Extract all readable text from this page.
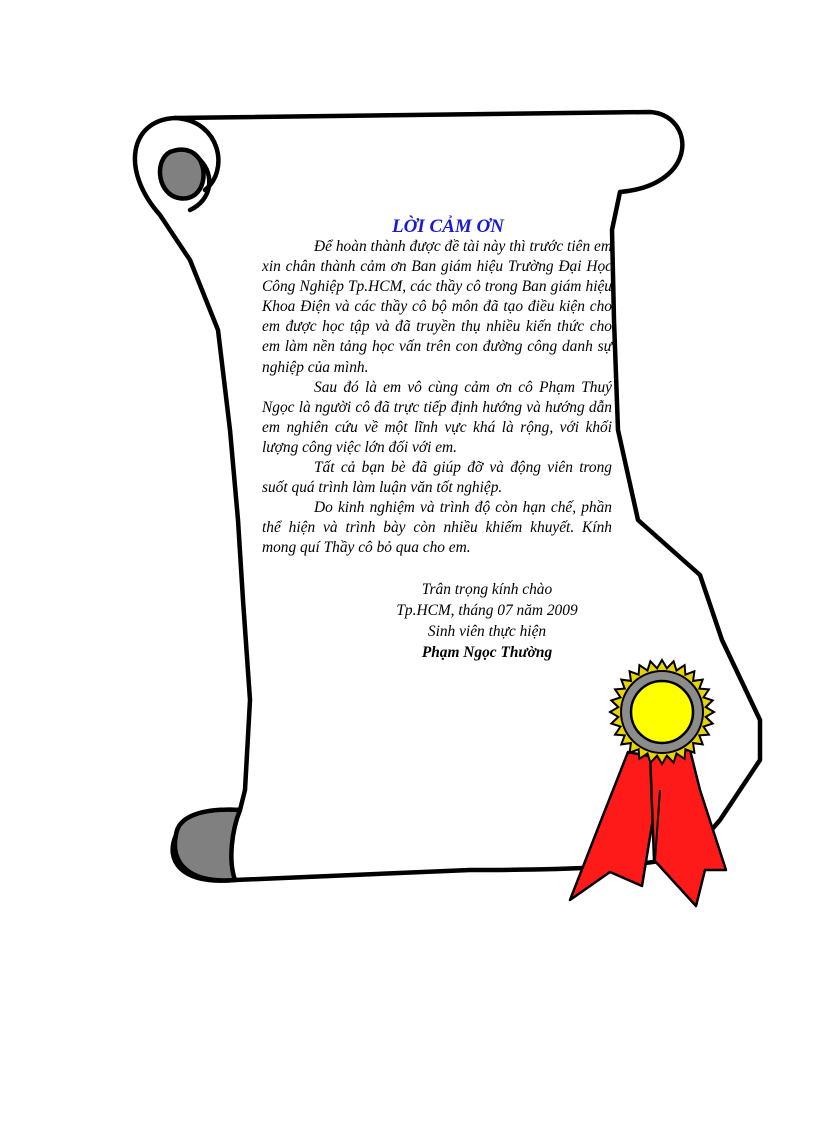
LỜI CẢM ƠN

Để hoàn thành được đề tài này thì trước tiên em xin chân thành cảm ơn Ban giám hiệu Trường Đại Học Công Nghiệp Tp.HCM, các thầy cô trong Ban giám hiệu Khoa Điện và các thầy cô bộ môn đã tạo điều kiện cho em được học tập và đã truyền thụ nhiều kiến thức cho em làm nền tảng học vấn trên con đường công danh sự nghiệp của mình.

Sau đó là em vô cùng cảm ơn cô Phạm Thuý Ngọc là người cô đã trực tiếp định hướng và hướng dẫn em nghiên cứu về một lĩnh vực khá là rộng, với khối lượng công việc lớn đối với em.

Tất cả bạn bè đã giúp đỡ và động viên trong suốt quá trình làm luận văn tốt nghiệp.

Do kinh nghiệm và trình độ còn hạn chế, phần thể hiện và trình bày còn nhiều khiếm khuyết. Kính mong quí Thầy cô bỏ qua cho em.

Trân trọng kính chào
Tp.HCM, tháng 07 năm 2009
Sinh viên thực hiện
Phạm Ngọc Thường
